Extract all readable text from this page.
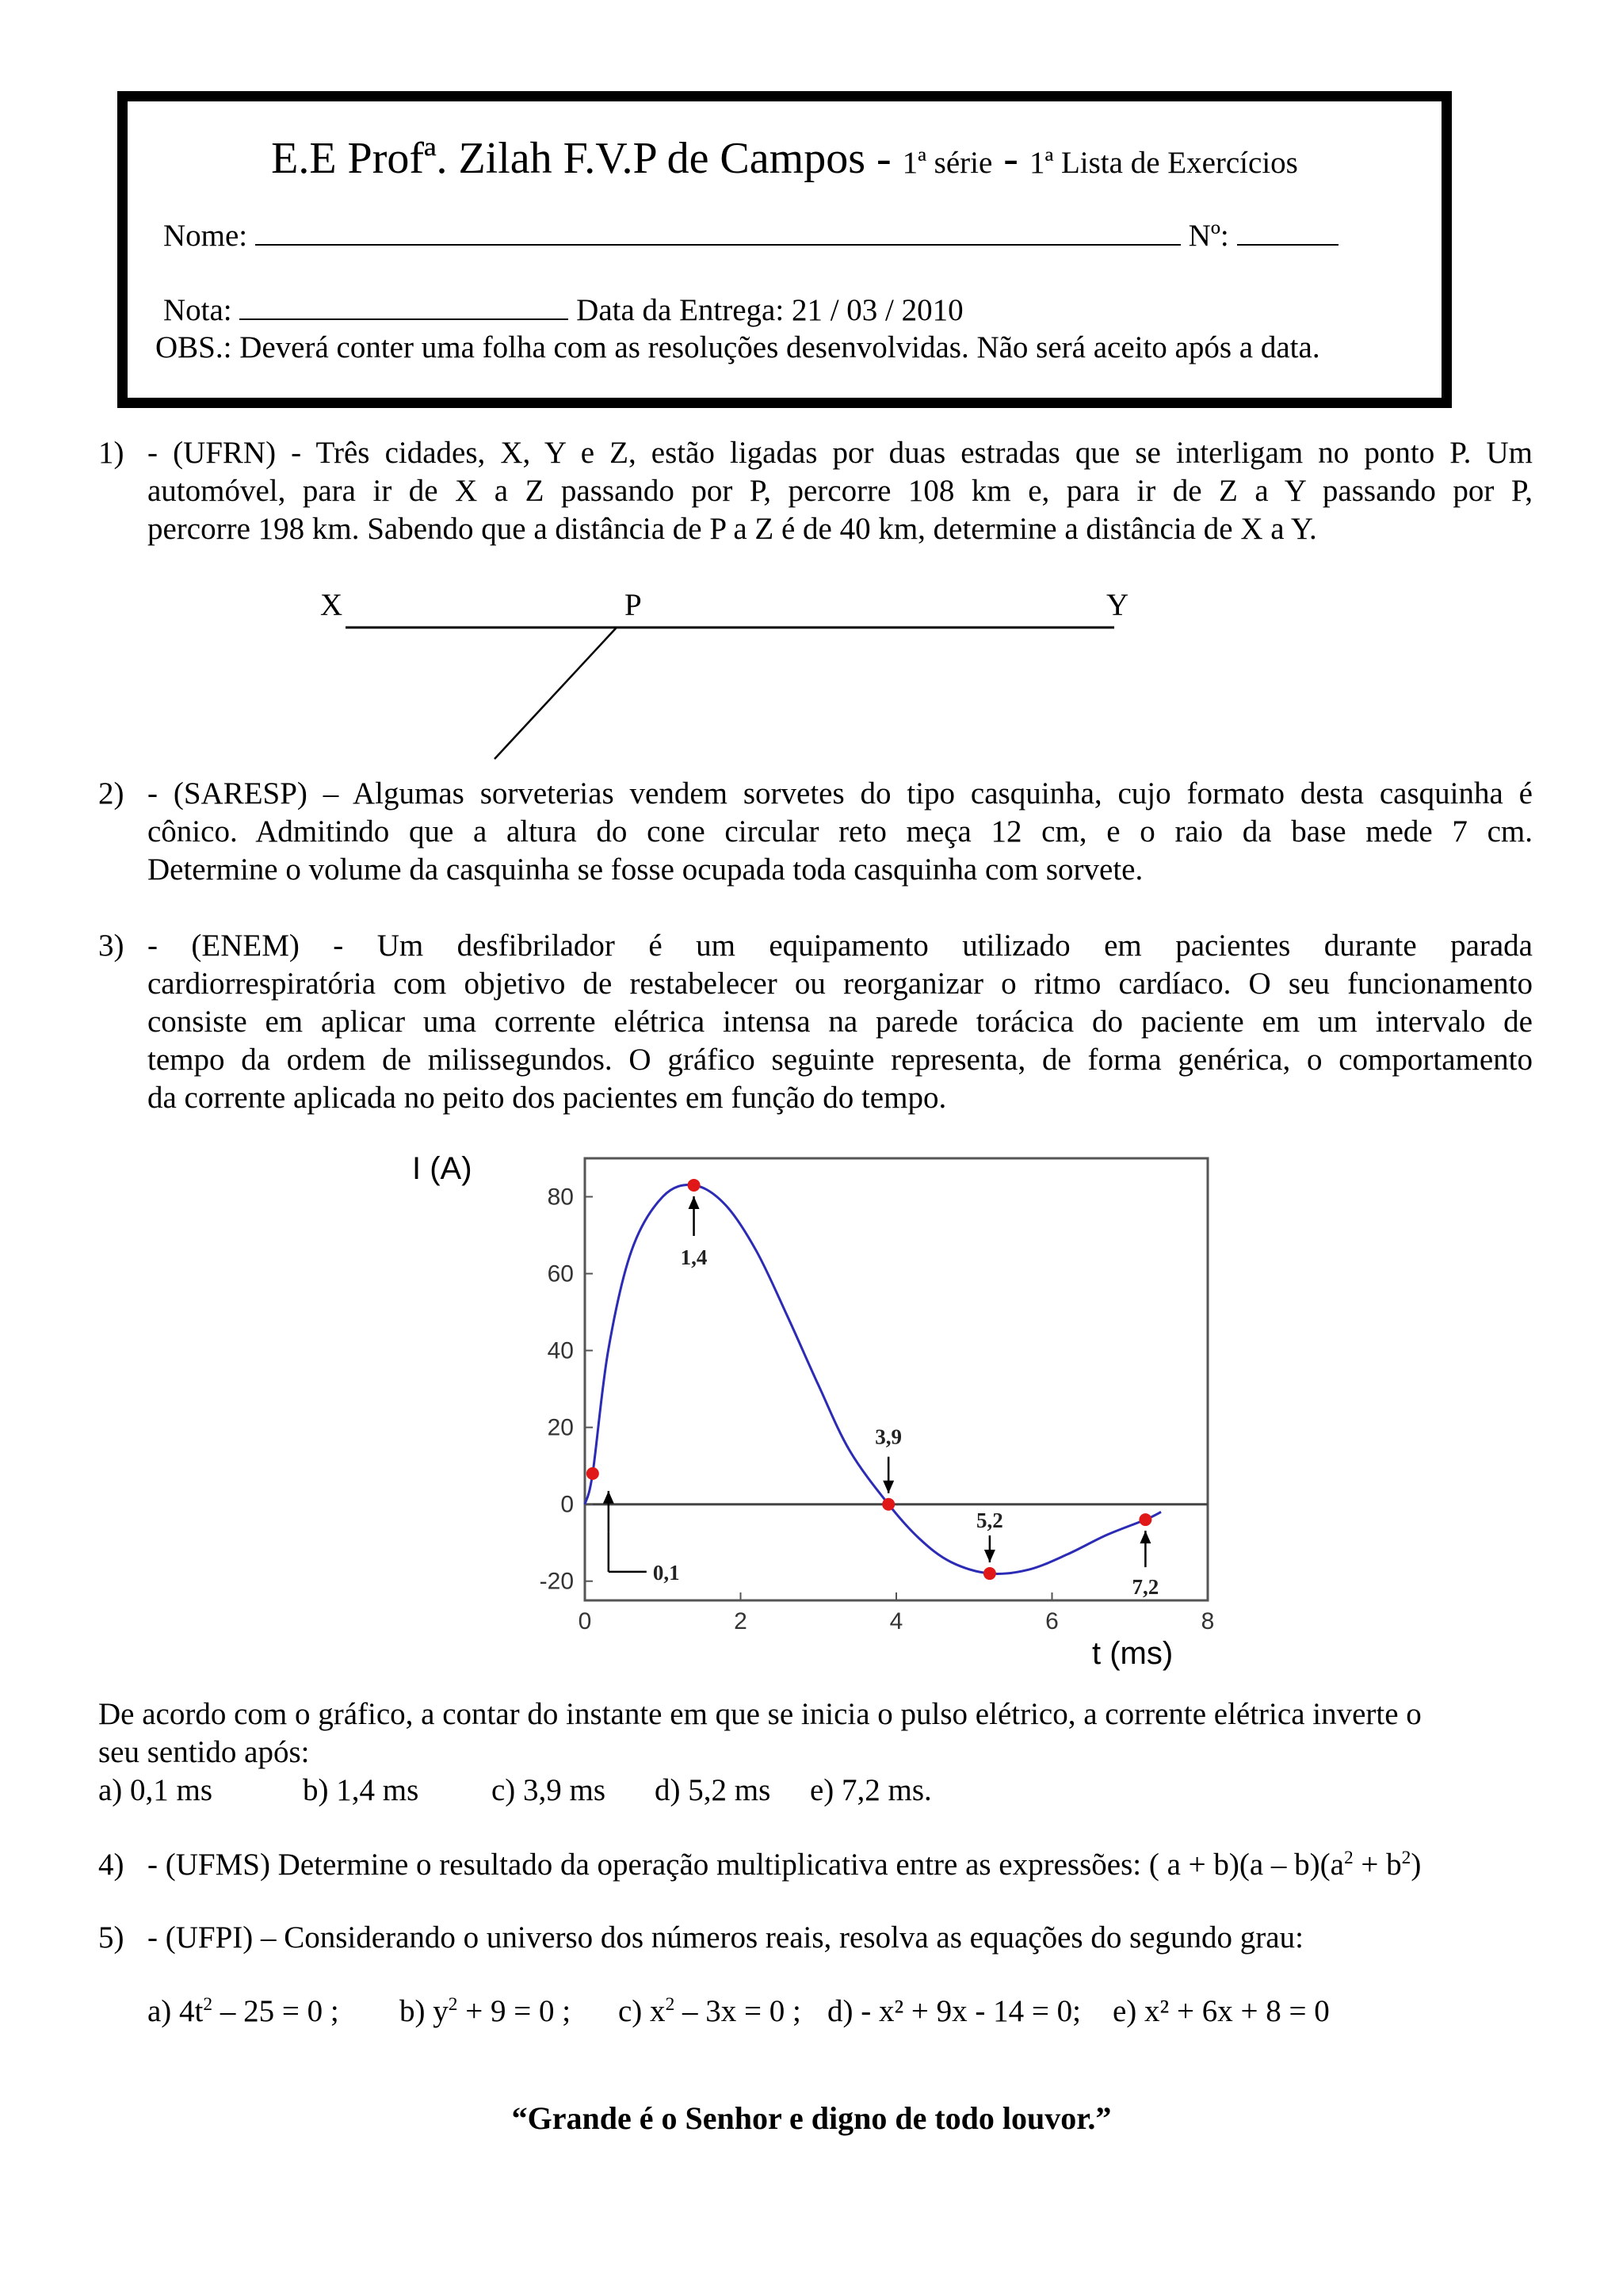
E.E Profª. Zilah F.V.P de Campos - 1ª série - 1ª Lista de Exercícios
Nome:	Nº:
Nota:	Data da Entrega: 21 / 03 / 2010
OBS.: Deverá conter uma folha com as resoluções desenvolvidas. Não será aceito após a data.
1) - (UFRN) - Três cidades, X, Y e Z, estão ligadas por duas estradas que se interligam no ponto P. Um
automóvel, para ir de X a Z passando por P, percorre 108 km e, para ir de Z a Y passando por P,
percorre 198 km. Sabendo que a distância de P a Z é de 40 km, determine a distância de X a Y.
X	P	Y
2) - (SARESP) – Algumas sorveterias vendem sorvetes do tipo casquinha, cujo formato desta casquinha é
cônico. Admitindo que a altura do cone circular reto meça 12 cm, e o raio da base mede 7 cm.
Determine o volume da casquinha se fosse ocupada toda casquinha com sorvete.
3) - (ENEM) - Um desfibrilador é um equipamento utilizado em pacientes durante parada
cardiorrespiratória com objetivo de restabelecer ou reorganizar o ritmo cardíaco. O seu funcionamento
consiste em aplicar uma corrente elétrica intensa na parede torácica do paciente em um intervalo de
tempo da ordem de milissegundos. O gráfico seguinte representa, de forma genérica, o comportamento
da corrente aplicada no peito dos pacientes em função do tempo.
I (A)
t (ms)
0	2	4	6	8
80
60
40
20
0
-20	0,1
1,4
3,9
5,2
7,2
De acordo com o gráfico, a contar do instante em que se inicia o pulso elétrico, a corrente elétrica inverte o
seu sentido após:
a) 0,1 ms	b) 1,4 ms c) 3,9 ms d) 5,2 ms e) 7,2 ms.
4) - (UFMS) Determine o resultado da operação multiplicativa entre as expressões: ( $a + b)(a - b)(a^2 + b^2)$
5) - (UFPI) – Considerando o universo dos números reais, resolva as equações do segundo grau:
a) $4t^2 - 25 = 0$ ; b) $y^2 + 9 = 0$ ; c) $x^2 - 3x = 0$ ; d) - x² + 9x - 14 = 0; e) x² + 6x + 8 = 0
“Grande é o Senhor e digno de todo louvor.”
